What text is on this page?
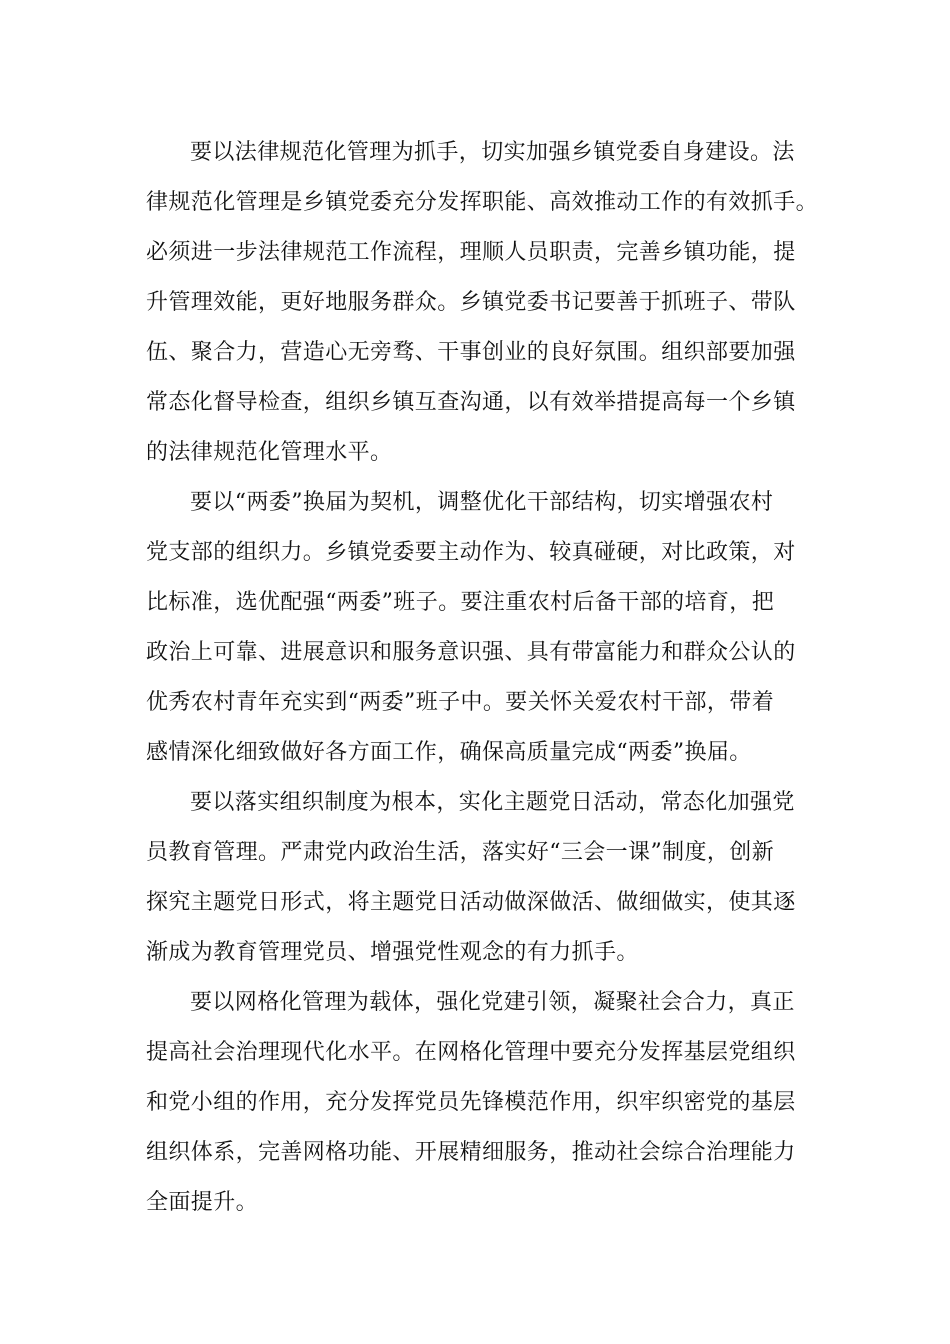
要以法律规范化管理为抓手，切实加强乡镇党委自身建设。法
律规范化管理是乡镇党委充分发挥职能、高效推动工作的有效抓手。
必须进一步法律规范工作流程，理顺人员职责，完善乡镇功能，提
升管理效能，更好地服务群众。乡镇党委书记要善于抓班子、带队
伍、聚合力，营造心无旁骛、干事创业的良好氛围。组织部要加强
常态化督导检查，组织乡镇互查沟通，以有效举措提高每一个乡镇
的法律规范化管理水平。
要以“两委”换届为契机，调整优化干部结构，切实增强农村
党支部的组织力。乡镇党委要主动作为、较真碰硬，对比政策，对
比标准，选优配强“两委”班子。要注重农村后备干部的培育，把
政治上可靠、进展意识和服务意识强、具有带富能力和群众公认的
优秀农村青年充实到“两委”班子中。要关怀关爱农村干部，带着
感情深化细致做好各方面工作，确保高质量完成“两委”换届。
要以落实组织制度为根本，实化主题党日活动，常态化加强党
员教育管理。严肃党内政治生活，落实好“三会一课”制度，创新
探究主题党日形式，将主题党日活动做深做活、做细做实，使其逐
渐成为教育管理党员、增强党性观念的有力抓手。
要以网格化管理为载体，强化党建引领，凝聚社会合力，真正
提高社会治理现代化水平。在网格化管理中要充分发挥基层党组织
和党小组的作用，充分发挥党员先锋模范作用，织牢织密党的基层
组织体系，完善网格功能、开展精细服务，推动社会综合治理能力
全面提升。
